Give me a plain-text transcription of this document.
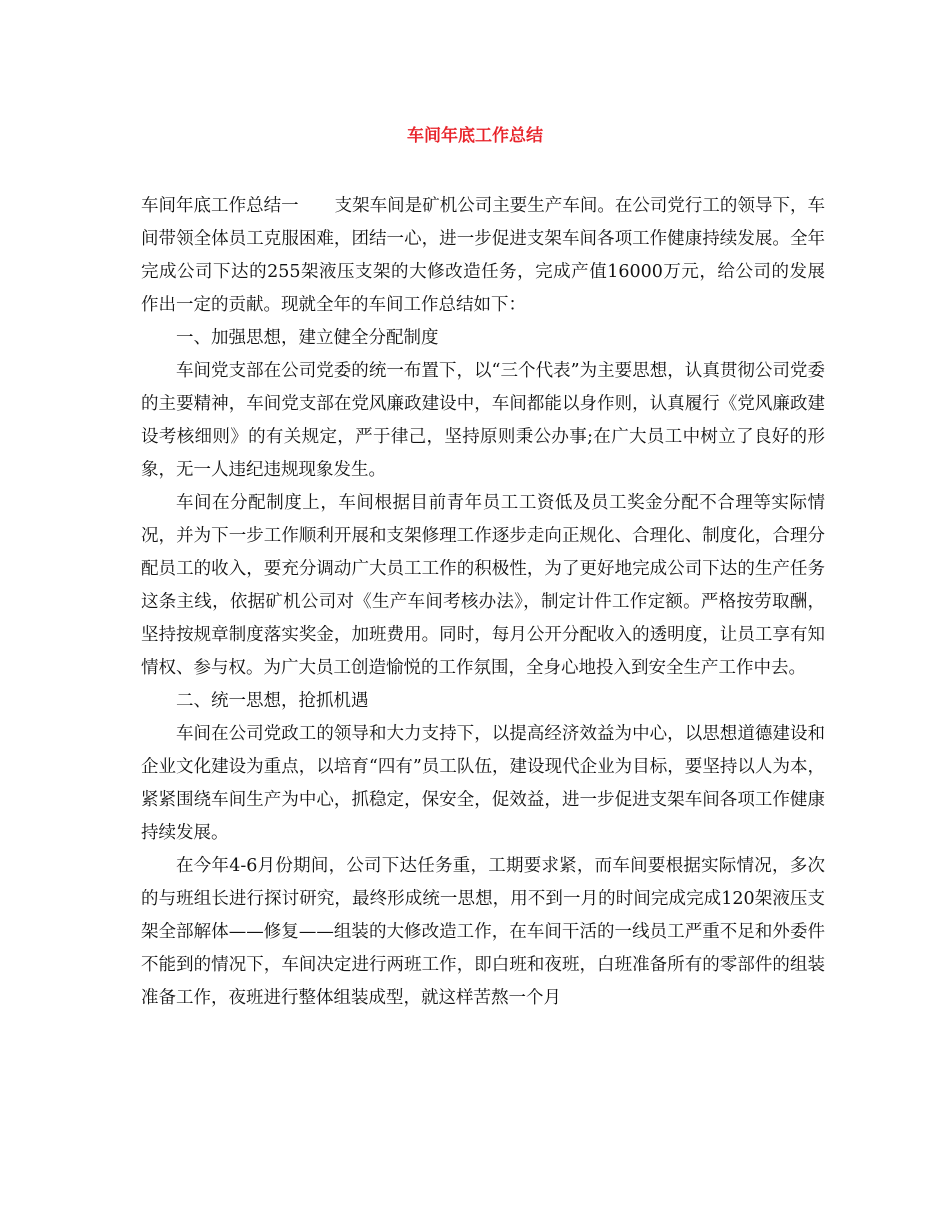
车间年底工作总结

车间年底工作总结一 支架车间是矿机公司主要生产车间。在公司党行工的领导下，车间带领全体员工克服困难，团结一心，进一步促进支架车间各项工作健康持续发展。全年完成公司下达的255架液压支架的大修改造任务，完成产值16000万元，给公司的发展作出一定的贡献。现就全年的车间工作总结如下：

一、加强思想，建立健全分配制度

车间党支部在公司党委的统一布置下，以“三个代表”为主要思想，认真贯彻公司党委的主要精神，车间党支部在党风廉政建设中，车间都能以身作则，认真履行《党风廉政建设考核细则》的有关规定，严于律己，坚持原则秉公办事;在广大员工中树立了良好的形象，无一人违纪违规现象发生。

车间在分配制度上，车间根据目前青年员工工资低及员工奖金分配不合理等实际情况，并为下一步工作顺利开展和支架修理工作逐步走向正规化、合理化、制度化，合理分配员工的收入，要充分调动广大员工工作的积极性，为了更好地完成公司下达的生产任务这条主线，依据矿机公司对《生产车间考核办法》，制定计件工作定额。严格按劳取酬，坚持按规章制度落实奖金，加班费用。同时，每月公开分配收入的透明度，让员工享有知情权、参与权。为广大员工创造愉悦的工作氛围，全身心地投入到安全生产工作中去。

二、统一思想，抢抓机遇

车间在公司党政工的领导和大力支持下，以提高经济效益为中心，以思想道德建设和企业文化建设为重点，以培育“四有”员工队伍，建设现代企业为目标，要坚持以人为本，紧紧围绕车间生产为中心，抓稳定，保安全，促效益，进一步促进支架车间各项工作健康持续发展。

在今年4-6月份期间，公司下达任务重，工期要求紧，而车间要根据实际情况，多次的与班组长进行探讨研究，最终形成统一思想，用不到一月的时间完成完成120架液压支架全部解体——修复——组装的大修改造工作，在车间干活的一线员工严重不足和外委件不能到的情况下，车间决定进行两班工作，即白班和夜班，白班准备所有的零部件的组装准备工作，夜班进行整体组装成型，就这样苦熬一个月
